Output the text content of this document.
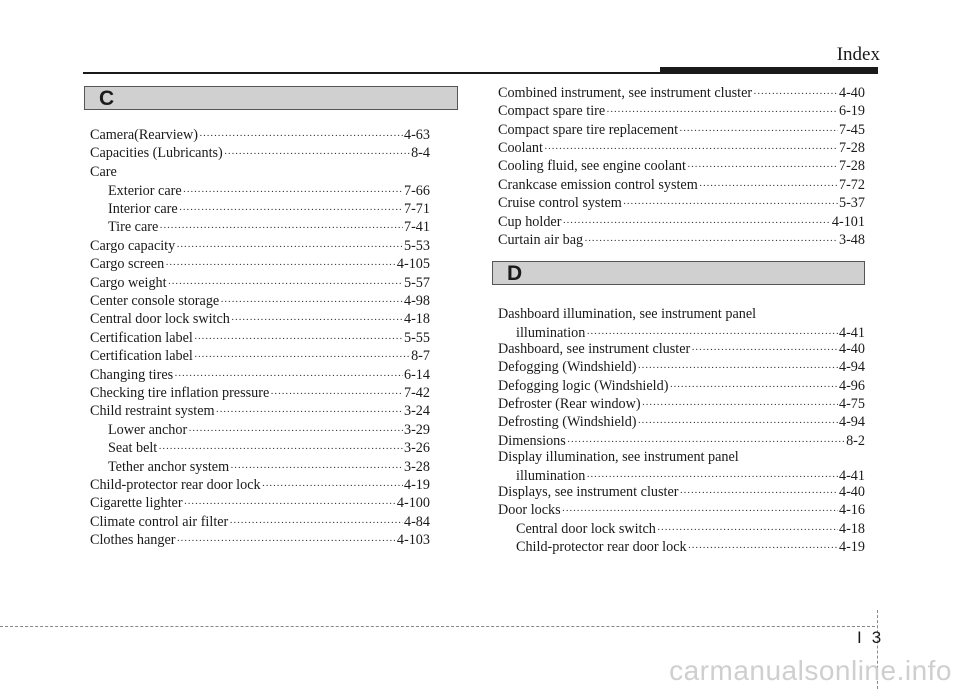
Index
C
D
Camera(Rearview) ·····	4-63
Capacities (Lubricants) ·····	8-4
Care
Exterior care ·····	7-66
Interior care ·····	7-71
Tire care ·····	7-41
Cargo capacity ·····	5-53
Cargo screen ·····	4-105
Cargo weight ·····	5-57
Center console storage ·····	4-98
Central door lock switch ·····	4-18
Certification label ·····	5-55
Certification label ·····	8-7
Changing tires ·····	6-14
Checking tire inflation pressure ·····	7-42
Child restraint system ·····	3-24
Lower anchor ·····	3-29
Seat belt ·····	3-26
Tether anchor system ·····	3-28
Child-protector rear door lock ·····	4-19
Cigarette lighter ·····	4-100
Climate control air filter ·····	4-84
Clothes hanger ·····	4-103
Combined instrument, see instrument cluster ·····	4-40
Compact spare tire ·····	6-19
Compact spare tire replacement ·····	7-45
Coolant ·····	7-28
Cooling fluid, see engine coolant ·····	7-28
Crankcase emission control system ·····	7-72
Cruise control system ·····	5-37
Cup holder ·····	4-101
Curtain air bag ·····	3-48
Dashboard illumination, see instrument panel
illumination ·····	4-41
Dashboard, see instrument cluster ·····	4-40
Defogging (Windshield) ·····	4-94
Defogging logic (Windshield) ·····	4-96
Defroster (Rear window) ·····	4-75
Defrosting (Windshield) ·····	4-94
Dimensions ·····	8-2
Display illumination, see instrument panel
illumination ·····	4-41
Displays, see instrument cluster ·····	4-40
Door locks ·····	4-16
Central door lock switch ·····	4-18
Child-protector rear door lock ·····	4-19
I 3
carmanualsonline.info
